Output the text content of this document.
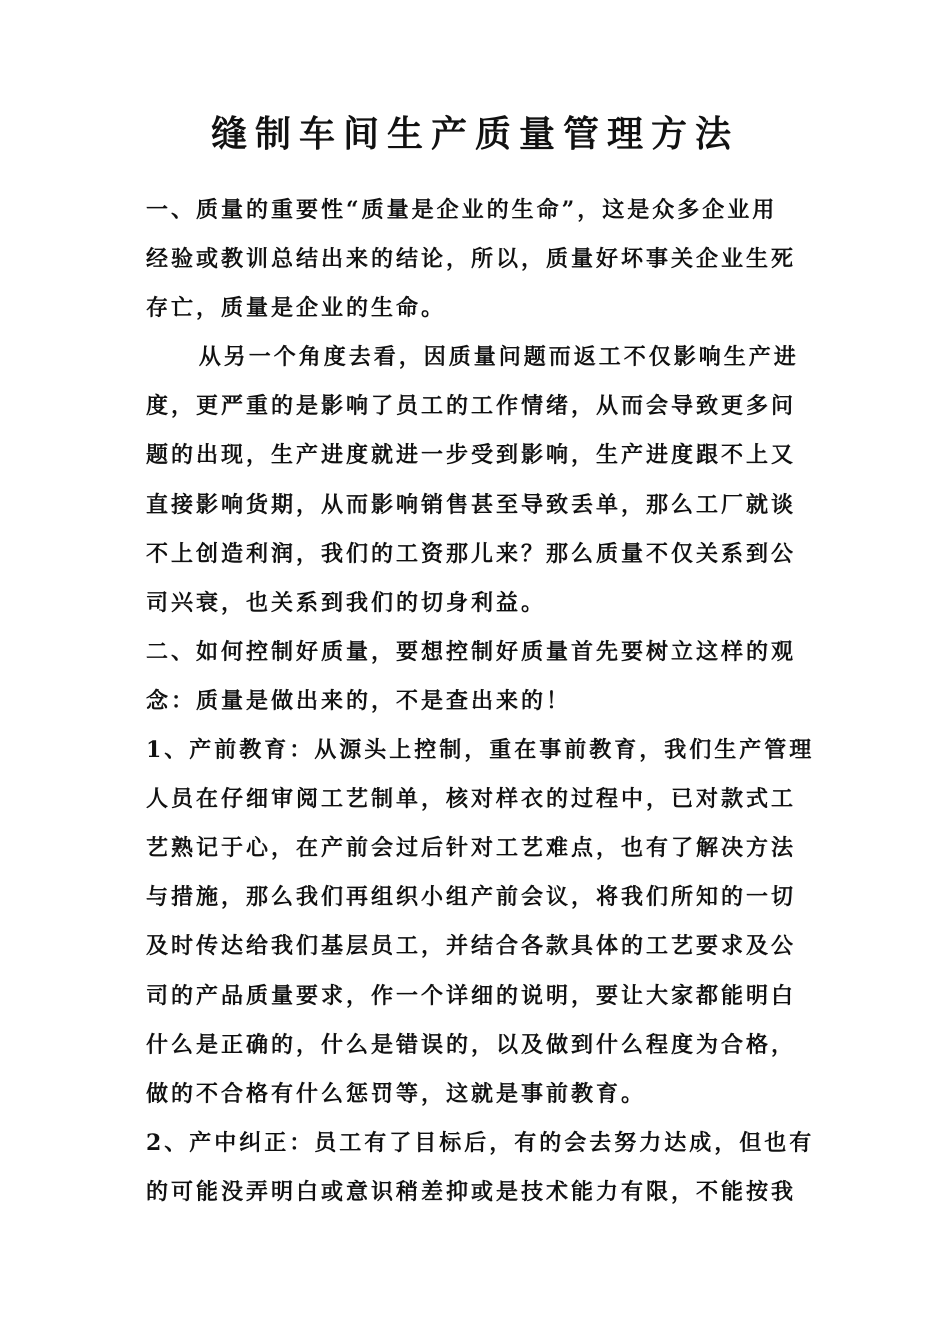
缝制车间生产质量管理方法

一、质量的重要性“质量是企业的生命”，这是众多企业用
经验或教训总结出来的结论，所以，质量好坏事关企业生死
存亡，质量是企业的生命。

从另一个角度去看，因质量问题而返工不仅影响生产进
度，更严重的是影响了员工的工作情绪，从而会导致更多问
题的出现，生产进度就进一步受到影响，生产进度跟不上又
直接影响货期，从而影响销售甚至导致丢单，那么工厂就谈
不上创造利润，我们的工资那儿来？那么质量不仅关系到公
司兴衰，也关系到我们的切身利益。

二、如何控制好质量，要想控制好质量首先要树立这样的观
念：质量是做出来的，不是查出来的！

1、产前教育：从源头上控制，重在事前教育，我们生产管理
人员在仔细审阅工艺制单，核对样衣的过程中，已对款式工
艺熟记于心，在产前会过后针对工艺难点，也有了解决方法
与措施，那么我们再组织小组产前会议，将我们所知的一切
及时传达给我们基层员工，并结合各款具体的工艺要求及公
司的产品质量要求，作一个详细的说明，要让大家都能明白
什么是正确的，什么是错误的，以及做到什么程度为合格，
做的不合格有什么惩罚等，这就是事前教育。

2、产中纠正：员工有了目标后，有的会去努力达成，但也有
的可能没弄明白或意识稍差抑或是技术能力有限，不能按我
